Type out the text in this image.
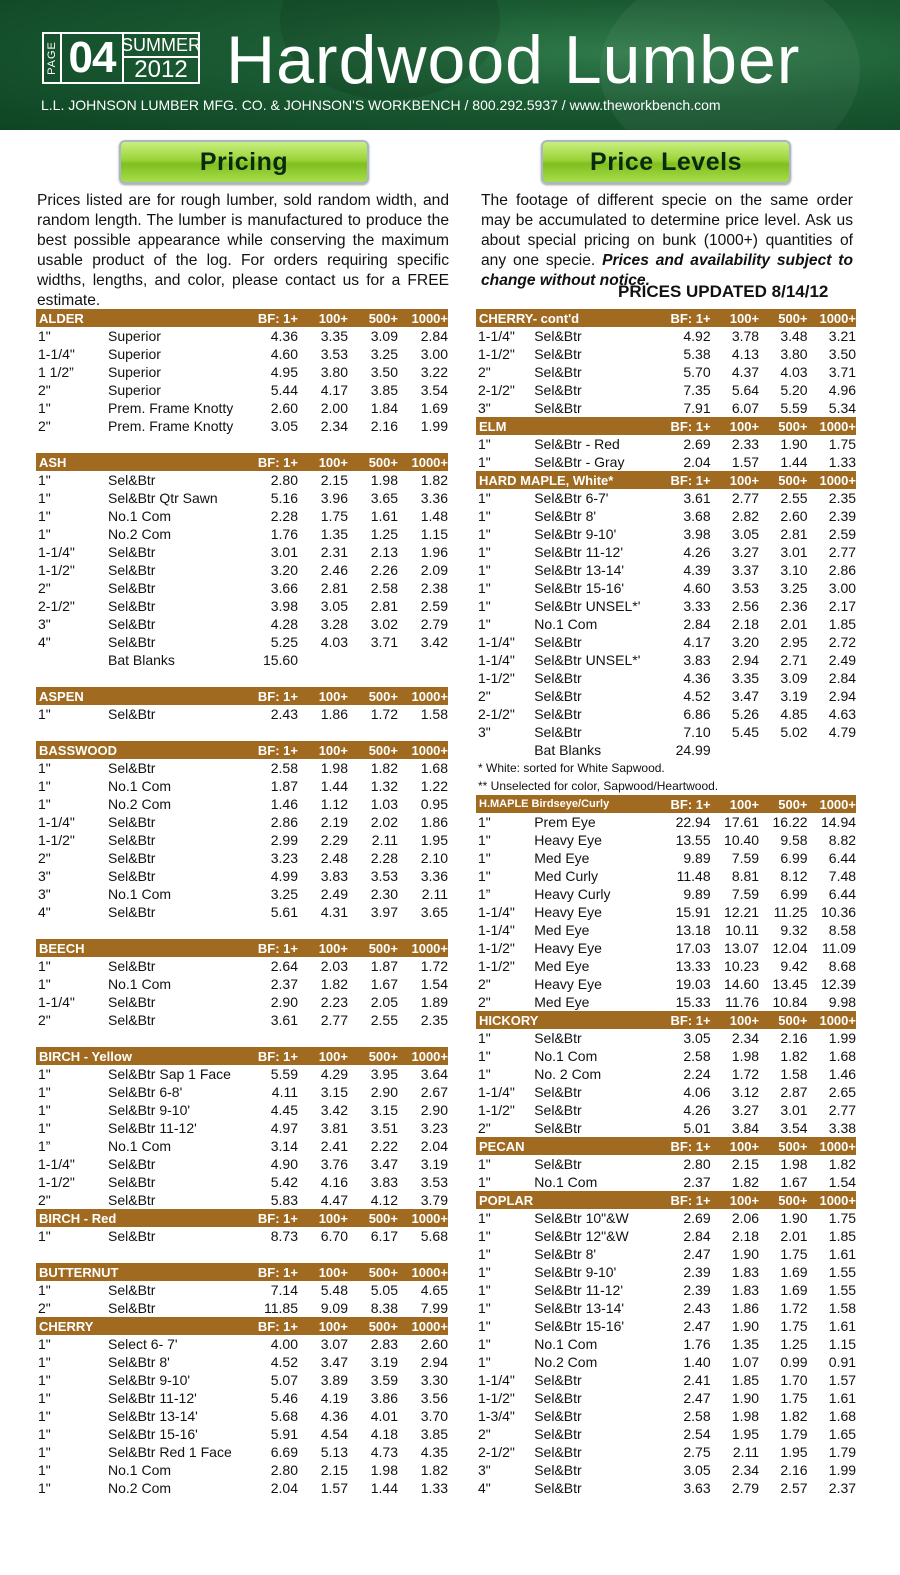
PAGE 04 SUMMER
2012 Hardwood Lumber
L.L. JOHNSON LUMBER MFG. CO. & JOHNSON'S WORKBENCH / 800.292.5937 / www.theworkbench.com
Pricing	Price Levels
Prices listed are for rough lumber, sold random width, and random length. The lumber is manufactured to produce the best possible appearance while conserving the maximum usable product of the log. For orders requiring specific widths, lengths, and color, please contact us for a FREE estimate.
The footage of different specie on the same order may be accumulated to determine price level. Ask us about special pricing on bunk (1000+) quantities of any one specie. Prices and availability subject to change without notice.
PRICES UPDATED 8/14/12
ALDER	BF: 1+	100+	500+	1000+
1"	Superior	4.36	3.35	3.09	2.84
1-1/4"	Superior	4.60	3.53	3.25	3.00
1 1/2”	Superior	4.95	3.80	3.50	3.22
2"	Superior	5.44	4.17	3.85	3.54
1"	Prem. Frame Knotty	2.60	2.00	1.84	1.69
2"	Prem. Frame Knotty	3.05	2.34	2.16	1.99
ASH	BF: 1+	100+	500+	1000+
1"	Sel&Btr	2.80	2.15	1.98	1.82
1"	Sel&Btr Qtr Sawn	5.16	3.96	3.65	3.36
1"	No.1 Com	2.28	1.75	1.61	1.48
1"	No.2 Com	1.76	1.35	1.25	1.15
1-1/4"	Sel&Btr	3.01	2.31	2.13	1.96
1-1/2"	Sel&Btr	3.20	2.46	2.26	2.09
2"	Sel&Btr	3.66	2.81	2.58	2.38
2-1/2"	Sel&Btr	3.98	3.05	2.81	2.59
3"	Sel&Btr	4.28	3.28	3.02	2.79
4"	Sel&Btr	5.25	4.03	3.71	3.42
Bat Blanks	15.60
ASPEN	BF: 1+	100+	500+	1000+
1"	Sel&Btr	2.43	1.86	1.72	1.58
BASSWOOD	BF: 1+	100+	500+	1000+
1"	Sel&Btr	2.58	1.98	1.82	1.68
1"	No.1 Com	1.87	1.44	1.32	1.22
1"	No.2 Com	1.46	1.12	1.03	0.95
1-1/4"	Sel&Btr	2.86	2.19	2.02	1.86
1-1/2"	Sel&Btr	2.99	2.29	2.11	1.95
2"	Sel&Btr	3.23	2.48	2.28	2.10
3"	Sel&Btr	4.99	3.83	3.53	3.36
3"	No.1 Com	3.25	2.49	2.30	2.11
4"	Sel&Btr	5.61	4.31	3.97	3.65
BEECH	BF: 1+	100+	500+	1000+
1"	Sel&Btr	2.64	2.03	1.87	1.72
1"	No.1 Com	2.37	1.82	1.67	1.54
1-1/4"	Sel&Btr	2.90	2.23	2.05	1.89
2"	Sel&Btr	3.61	2.77	2.55	2.35
BIRCH - Yellow	BF: 1+	100+	500+	1000+
1"	Sel&Btr Sap 1 Face	5.59	4.29	3.95	3.64
1"	Sel&Btr 6-8'	4.11	3.15	2.90	2.67
1"	Sel&Btr 9-10'	4.45	3.42	3.15	2.90
1"	Sel&Btr 11-12'	4.97	3.81	3.51	3.23
1”	No.1 Com	3.14	2.41	2.22	2.04
1-1/4"	Sel&Btr	4.90	3.76	3.47	3.19
1-1/2"	Sel&Btr	5.42	4.16	3.83	3.53
2"	Sel&Btr	5.83	4.47	4.12	3.79
BIRCH - Red	BF: 1+	100+	500+	1000+
1"	Sel&Btr	8.73	6.70	6.17	5.68
BUTTERNUT	BF: 1+	100+	500+	1000+
1"	Sel&Btr	7.14	5.48	5.05	4.65
2"	Sel&Btr	11.85	9.09	8.38	7.99
CHERRY	BF: 1+	100+	500+	1000+
1"	Select 6- 7'	4.00	3.07	2.83	2.60
1"	Sel&Btr 8'	4.52	3.47	3.19	2.94
1"	Sel&Btr 9-10'	5.07	3.89	3.59	3.30
1"	Sel&Btr 11-12'	5.46	4.19	3.86	3.56
1"	Sel&Btr 13-14'	5.68	4.36	4.01	3.70
1"	Sel&Btr 15-16'	5.91	4.54	4.18	3.85
1"	Sel&Btr Red 1 Face	6.69	5.13	4.73	4.35
1"	No.1 Com	2.80	2.15	1.98	1.82
1"	No.2 Com	2.04	1.57	1.44	1.33
CHERRY- cont'd	BF: 1+	100+	500+ 1000+
1-1/4"	Sel&Btr	4.92	3.78	3.48	3.21
1-1/2"	Sel&Btr	5.38	4.13	3.80	3.50
2"	Sel&Btr	5.70	4.37	4.03	3.71
2-1/2"	Sel&Btr	7.35	5.64	5.20	4.96
3"	Sel&Btr	7.91	6.07	5.59	5.34
ELM	BF: 1+	100+	500+ 1000+
1"	Sel&Btr - Red	2.69	2.33	1.90	1.75
1"	Sel&Btr - Gray	2.04	1.57	1.44	1.33
HARD MAPLE, White*	BF: 1+	100+	500+ 1000+
1"	Sel&Btr 6-7'	3.61	2.77	2.55	2.35
1"	Sel&Btr 8'	3.68	2.82	2.60	2.39
1"	Sel&Btr 9-10'	3.98	3.05	2.81	2.59
1"	Sel&Btr 11-12'	4.26	3.27	3.01	2.77
1"	Sel&Btr 13-14'	4.39	3.37	3.10	2.86
1"	Sel&Btr 15-16'	4.60	3.53	3.25	3.00
1"	Sel&Btr UNSEL*'	3.33	2.56	2.36	2.17
1"	No.1 Com	2.84	2.18	2.01	1.85
1-1/4"	Sel&Btr	4.17	3.20	2.95	2.72
1-1/4"	Sel&Btr UNSEL*'	3.83	2.94	2.71	2.49
1-1/2"	Sel&Btr	4.36	3.35	3.09	2.84
2"	Sel&Btr	4.52	3.47	3.19	2.94
2-1/2"	Sel&Btr	6.86	5.26	4.85	4.63
3"	Sel&Btr	7.10	5.45	5.02	4.79
Bat Blanks	24.99
* White: sorted for White Sapwood.
** Unselected for color, Sapwood/Heartwood.
H.MAPLE Birdseye/Curly	BF: 1+	100+	500+ 1000+
1"	Prem Eye	22.94 17.61 16.22 14.94
1"	Heavy Eye	13.55 10.40	9.58	8.82
1"	Med Eye	9.89	7.59	6.99	6.44
1"	Med Curly	11.48	8.81	8.12	7.48
1”	Heavy Curly	9.89	7.59	6.99	6.44
1-1/4"	Heavy Eye	15.91 12.21	11.25 10.36
1-1/4"	Med Eye	13.18	10.11	9.32	8.58
1-1/2"	Heavy Eye	17.03 13.07 12.04	11.09
1-1/2"	Med Eye	13.33 10.23	9.42	8.68
2"	Heavy Eye	19.03 14.60 13.45 12.39
2"	Med Eye	15.33	11.76 10.84	9.98
HICKORY	BF: 1+	100+	500+ 1000+
1"	Sel&Btr	3.05	2.34	2.16	1.99
1"	No.1 Com	2.58	1.98	1.82	1.68
1"	No. 2 Com	2.24	1.72	1.58	1.46
1-1/4"	Sel&Btr	4.06	3.12	2.87	2.65
1-1/2"	Sel&Btr	4.26	3.27	3.01	2.77
2"	Sel&Btr	5.01	3.84	3.54	3.38
PECAN	BF: 1+	100+	500+ 1000+
1"	Sel&Btr	2.80	2.15	1.98	1.82
1"	No.1 Com	2.37	1.82	1.67	1.54
POPLAR	BF: 1+	100+	500+ 1000+
1"	Sel&Btr 10"&W	2.69	2.06	1.90	1.75
1"	Sel&Btr 12"&W	2.84	2.18	2.01	1.85
1"	Sel&Btr 8'	2.47	1.90	1.75	1.61
1"	Sel&Btr 9-10'	2.39	1.83	1.69	1.55
1"	Sel&Btr 11-12'	2.39	1.83	1.69	1.55
1"	Sel&Btr 13-14'	2.43	1.86	1.72	1.58
1"	Sel&Btr 15-16'	2.47	1.90	1.75	1.61
1"	No.1 Com	1.76	1.35	1.25	1.15
1"	No.2 Com	1.40	1.07	0.99	0.91
1-1/4"	Sel&Btr	2.41	1.85	1.70	1.57
1-1/2"	Sel&Btr	2.47	1.90	1.75	1.61
1-3/4"	Sel&Btr	2.58	1.98	1.82	1.68
2"	Sel&Btr	2.54	1.95	1.79	1.65
2-1/2"	Sel&Btr	2.75	2.11	1.95	1.79
3"	Sel&Btr	3.05	2.34	2.16	1.99
4"	Sel&Btr	3.63	2.79	2.57	2.37
